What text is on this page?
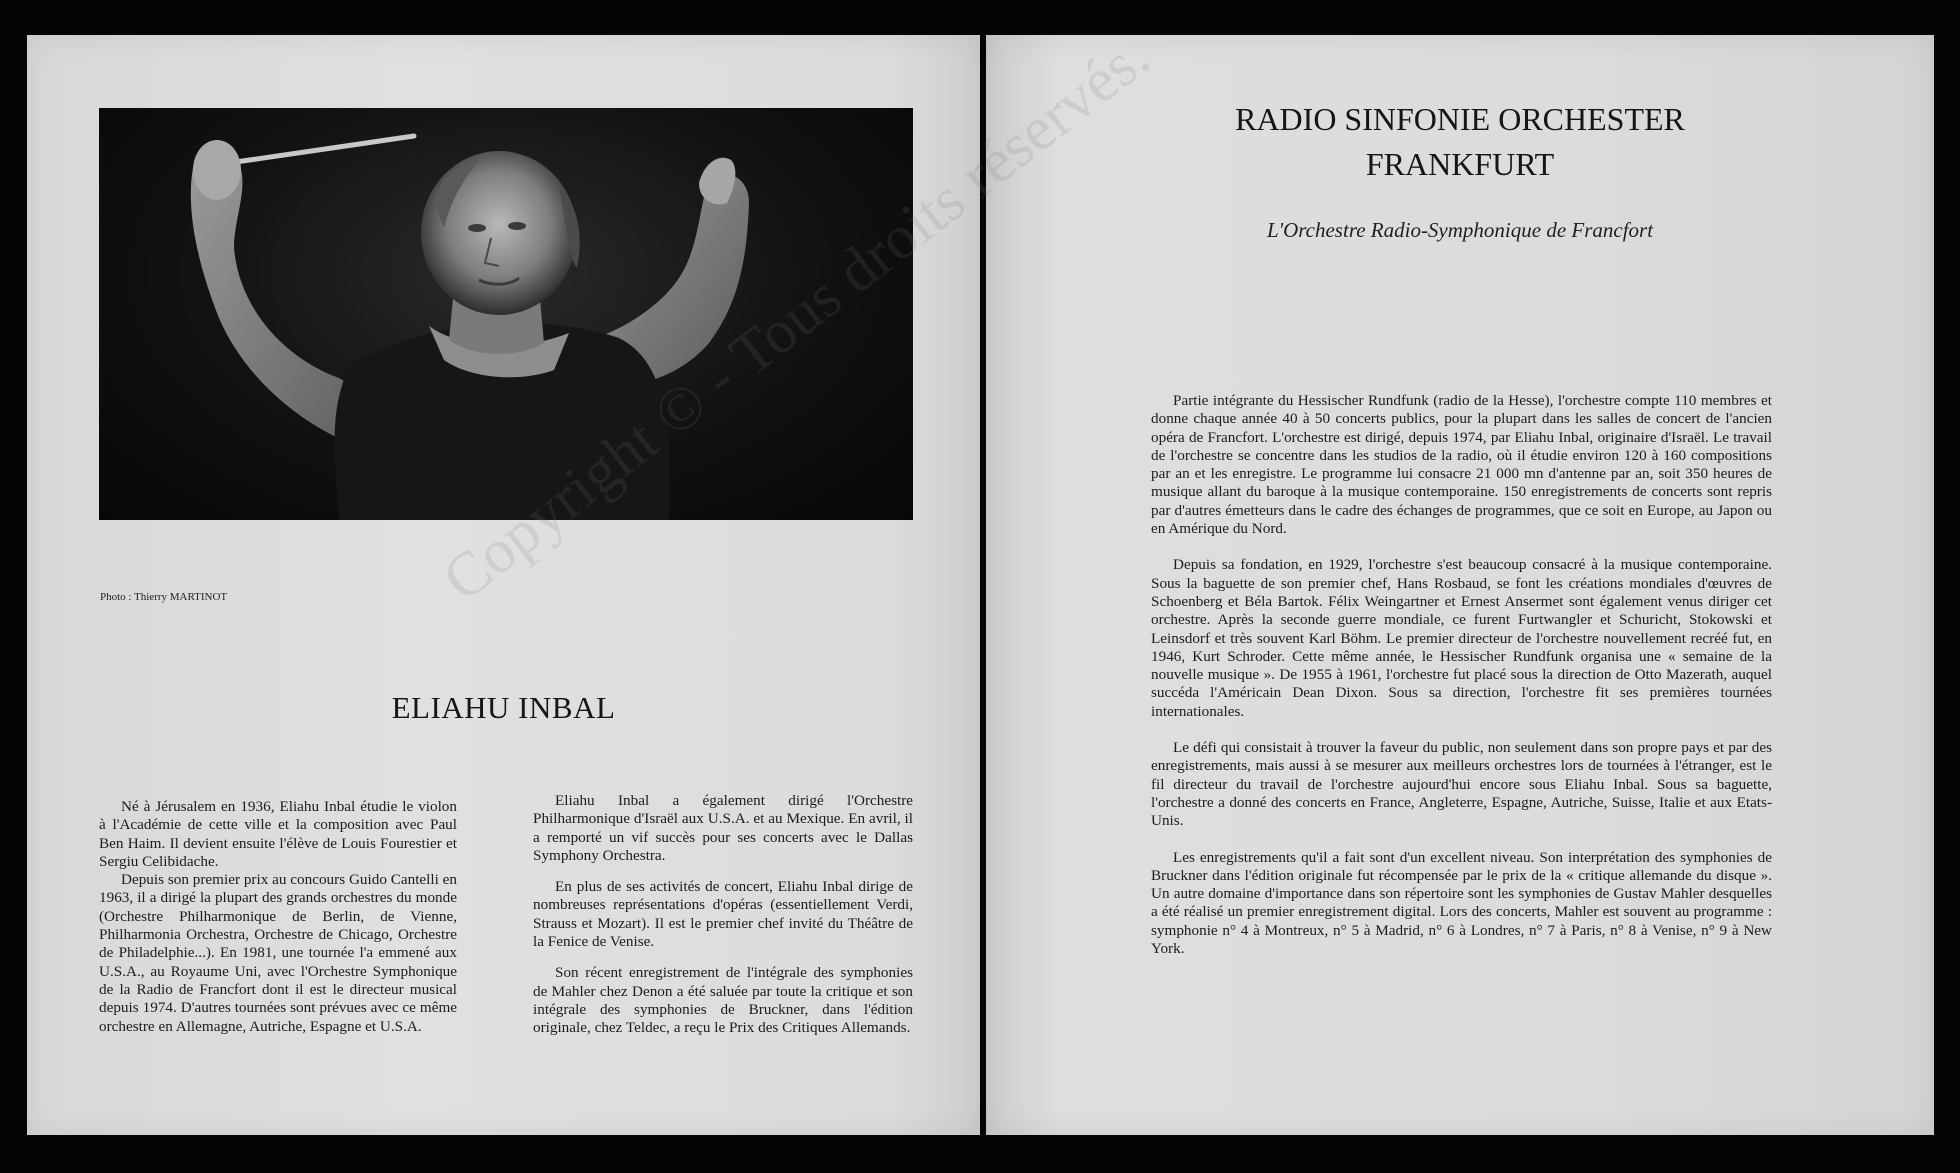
Photo : Thierry MARTINOT
ELIAHU INBAL

Né à Jérusalem en 1936, Eliahu Inbal étudie le violon à l'Académie de cette ville et la composition avec Paul Ben Haim. Il devient ensuite l'élève de Louis Fourestier et Sergiu Celibidache.

Depuis son premier prix au concours Guido Cantelli en 1963, il a dirigé la plupart des grands orchestres du monde (Orchestre Philharmonique de Berlin, de Vienne, Philharmonia Orchestra, Orchestre de Chicago, Orchestre de Philadelphie...). En 1981, une tournée l'a emmené aux U.S.A., au Royaume Uni, avec l'Orchestre Symphonique de la Radio de Francfort dont il est le directeur musical depuis 1974. D'autres tournées sont prévues avec ce même orchestre en Allemagne, Autriche, Espagne et U.S.A.

Eliahu Inbal a également dirigé l'Orchestre Philharmonique d'Israël aux U.S.A. et au Mexique. En avril, il a remporté un vif succès pour ses concerts avec le Dallas Symphony Orchestra.

En plus de ses activités de concert, Eliahu Inbal dirige de nombreuses représentations d'opéras (essentiellement Verdi, Strauss et Mozart). Il est le premier chef invité du Théâtre de la Fenice de Venise.

Son récent enregistrement de l'intégrale des symphonies de Mahler chez Denon a été saluée par toute la critique et son intégrale des symphonies de Bruckner, dans l'édition originale, chez Teldec, a reçu le Prix des Critiques Allemands.

RADIO SINFONIE ORCHESTER
FRANKFURT
L'Orchestre Radio-Symphonique de Francfort

Partie intégrante du Hessischer Rundfunk (radio de la Hesse), l'orchestre compte 110 membres et donne chaque année 40 à 50 concerts publics, pour la plupart dans les salles de concert de l'ancien opéra de Francfort. L'orchestre est dirigé, depuis 1974, par Eliahu Inbal, originaire d'Israël. Le travail de l'orchestre se concentre dans les studios de la radio, où il étudie environ 120 à 160 compositions par an et les enregistre. Le programme lui consacre 21 000 mn d'antenne par an, soit 350 heures de musique allant du baroque à la musique contemporaine. 150 enregistrements de concerts sont repris par d'autres émetteurs dans le cadre des échanges de programmes, que ce soit en Europe, au Japon ou en Amérique du Nord.

Depuis sa fondation, en 1929, l'orchestre s'est beaucoup consacré à la musique contemporaine. Sous la baguette de son premier chef, Hans Rosbaud, se font les créations mondiales d'œuvres de Schoenberg et Béla Bartok. Félix Weingartner et Ernest Ansermet sont également venus diriger cet orchestre. Après la seconde guerre mondiale, ce furent Furtwangler et Schuricht, Stokowski et Leinsdorf et très souvent Karl Böhm. Le premier directeur de l'orchestre nouvellement recréé fut, en 1946, Kurt Schroder. Cette même année, le Hessischer Rundfunk organisa une « semaine de la nouvelle musique ». De 1955 à 1961, l'orchestre fut placé sous la direction de Otto Mazerath, auquel succéda l'Américain Dean Dixon. Sous sa direction, l'orchestre fit ses premières tournées internationales.

Le défi qui consistait à trouver la faveur du public, non seulement dans son propre pays et par des enregistrements, mais aussi à se mesurer aux meilleurs orchestres lors de tournées à l'étranger, est le fil directeur du travail de l'orchestre aujourd'hui encore sous Eliahu Inbal. Sous sa baguette, l'orchestre a donné des concerts en France, Angleterre, Espagne, Autriche, Suisse, Italie et aux Etats-Unis.

Les enregistrements qu'il a fait sont d'un excellent niveau. Son interprétation des symphonies de Bruckner dans l'édition originale fut récompensée par le prix de la « critique allemande du disque ». Un autre domaine d'importance dans son répertoire sont les symphonies de Gustav Mahler desquelles a été réalisé un premier enregistrement digital. Lors des concerts, Mahler est souvent au programme : symphonie n° 4 à Montreux, n° 5 à Madrid, n° 6 à Londres, n° 7 à Paris, n° 8 à Venise, n° 9 à New York.
